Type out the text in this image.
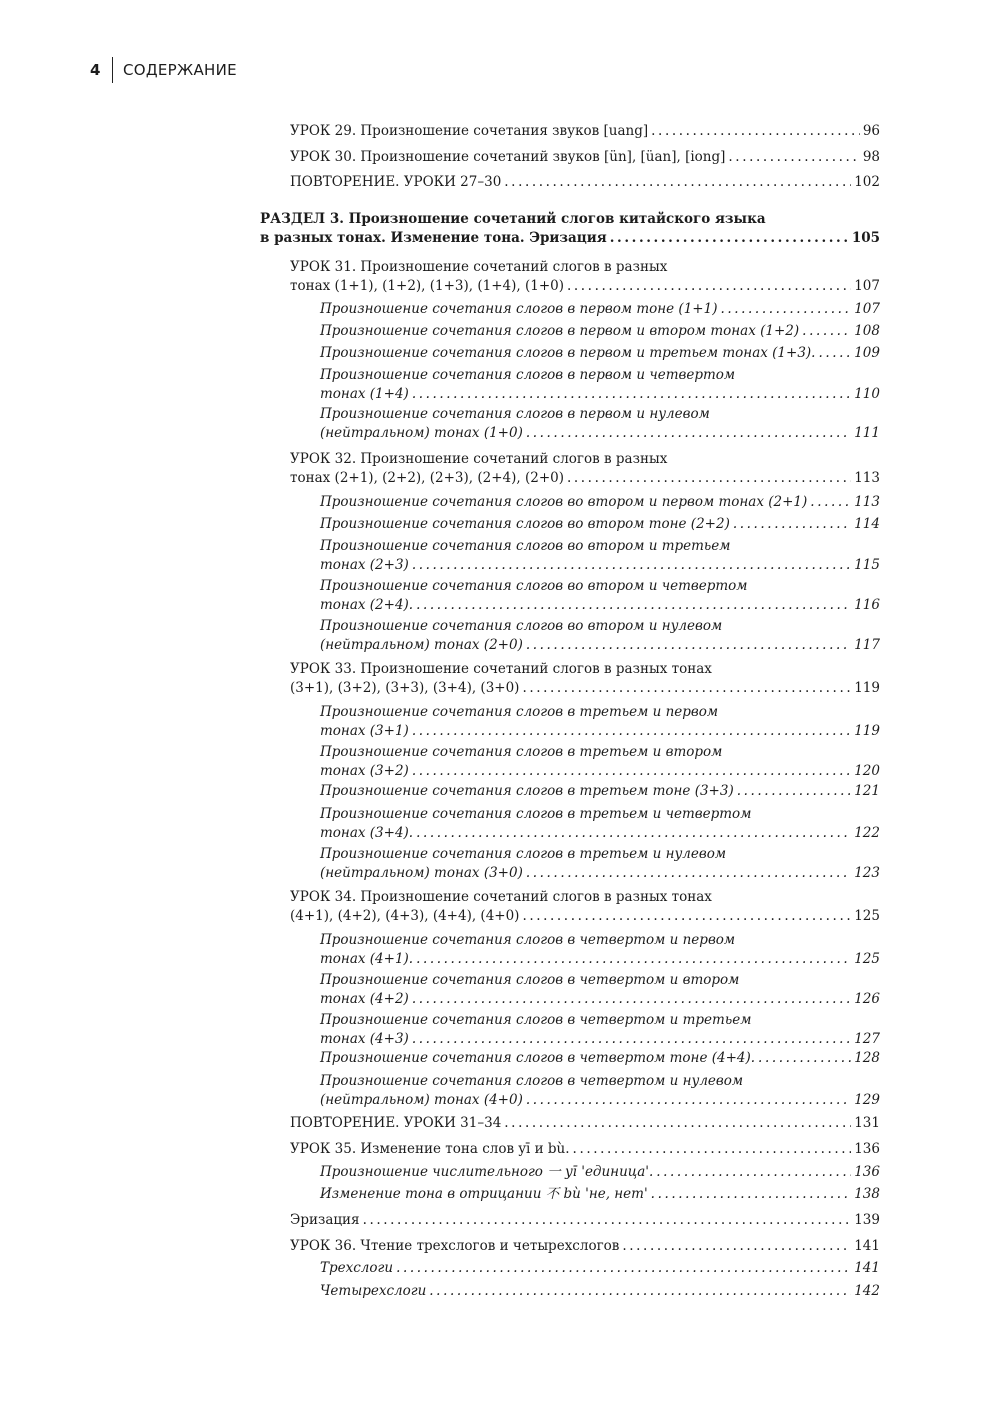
4	СОДЕРЖАНИЕ
УРОК 29. Произношение сочетания звуков [uang] .....	96
УРОК 30. Произношение сочетаний звуков [ün], [üan], [iong] .....	98
ПОВТОРЕНИЕ. УРОКИ 27–30 .....	102
РАЗДЕЛ 3. Произношение сочетаний слогов китайского языка
в разных тонах. Изменение тона. Эризация .....	105
УРОК 31. Произношение сочетаний слогов в разных
тонах (1+1), (1+2), (1+3), (1+4), (1+0) .....	107
Произношение сочетания слогов в первом тоне (1+1) .....	107
Произношение сочетания слогов в первом и втором тонах (1+2) .....	108
Произношение сочетания слогов в первом и третьем тонах (1+3). .....	109
Произношение сочетания слогов в первом и четвертом
тонах (1+4) .....	110
Произношение сочетания слогов в первом и нулевом
(нейтральном) тонах (1+0) .....	111
УРОК 32. Произношение сочетаний слогов в разных
тонах (2+1), (2+2), (2+3), (2+4), (2+0) .....	113
Произношение сочетания слогов во втором и первом тонах (2+1) .....	113
Произношение сочетания слогов во втором тоне (2+2) .....	114
Произношение сочетания слогов во втором и третьем
тонах (2+3) .....	115
Произношение сочетания слогов во втором и четвертом
тонах (2+4). .....	116
Произношение сочетания слогов во втором и нулевом
(нейтральном) тонах (2+0) .....	117
УРОК 33. Произношение сочетаний слогов в разных тонах
(3+1), (3+2), (3+3), (3+4), (3+0) .....	119
Произношение сочетания слогов в третьем и первом
тонах (3+1) .....	119
Произношение сочетания слогов в третьем и втором
тонах (3+2) .....	120
Произношение сочетания слогов в третьем тоне (3+3) .....	121
Произношение сочетания слогов в третьем и четвертом
тонах (3+4). .....	122
Произношение сочетания слогов в третьем и нулевом
(нейтральном) тонах (3+0) .....	123
УРОК 34. Произношение сочетаний слогов в разных тонах
(4+1), (4+2), (4+3), (4+4), (4+0) .....	125
Произношение сочетания слогов в четвертом и первом
тонах (4+1). .....	125
Произношение сочетания слогов в четвертом и втором
тонах (4+2) .....	126
Произношение сочетания слогов в четвертом и третьем
тонах (4+3) .....	127
Произношение сочетания слогов в четвертом тоне (4+4). .....	128
Произношение сочетания слогов в четвертом и нулевом
(нейтральном) тонах (4+0) .....	129
ПОВТОРЕНИЕ. УРОКИ 31–34 .....	131
УРОК 35. Изменение тона слов yī и bù. .....	136
Произношение числительного 一 yī 'единица'. .....	136
Изменение тона в отрицании 不 bù 'не, нет' .....	138
Эризация .....	139
УРОК 36. Чтение трехслогов и четырехслогов .....	141
Трехслоги .....	141
Четырехслоги .....	142
